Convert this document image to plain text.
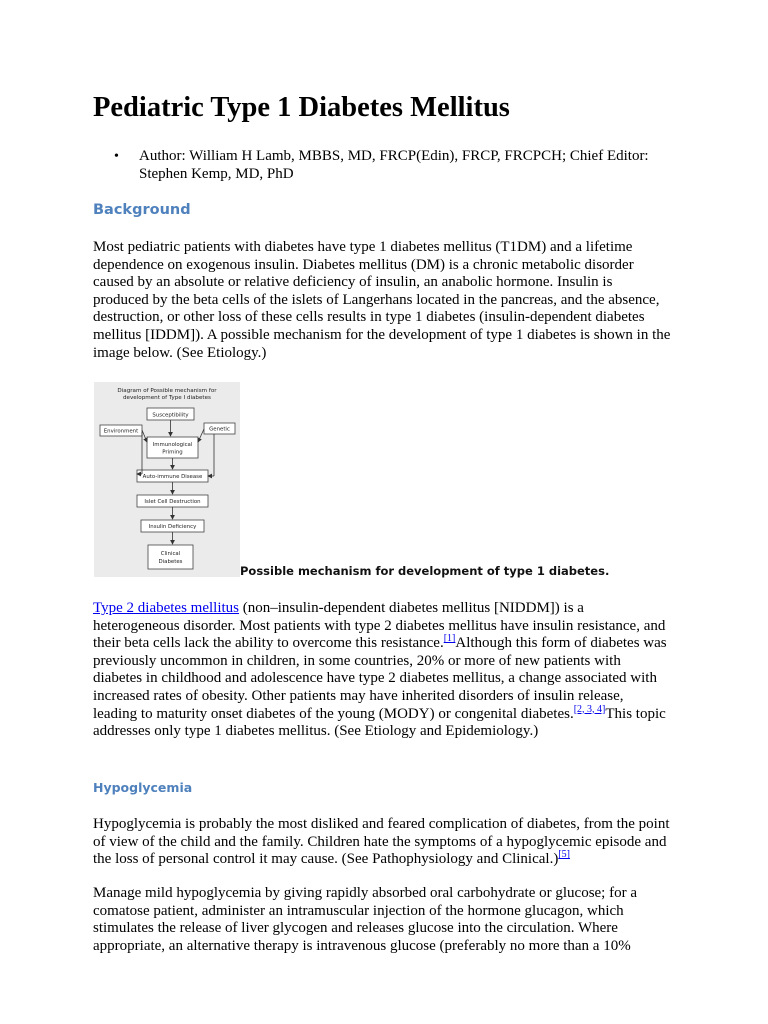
Pediatric Type 1 Diabetes Mellitus
• Author: William H Lamb, MBBS, MD, FRCP(Edin), FRCP, FRCPCH; Chief Editor: Stephen Kemp, MD, PhD

Background

Most pediatric patients with diabetes have type 1 diabetes mellitus (T1DM) and a lifetime dependence on exogenous insulin. Diabetes mellitus (DM) is a chronic metabolic disorder caused by an absolute or relative deficiency of insulin, an anabolic hormone. Insulin is produced by the beta cells of the islets of Langerhans located in the pancreas, and the absence, destruction, or other loss of these cells results in type 1 diabetes (insulin-dependent diabetes mellitus [IDDM]). A possible mechanism for the development of type 1 diabetes is shown in the image below. (See Etiology.)

Diagram of Possible mechanism for
development of Type I diabetes
Susceptibility
Environment	Genetic
Immunological
Priming
Auto-immune Disease
Islet Cell Destruction
Insulin Deficiency
Clinical
Diabetes
Possible mechanism for development of type 1 diabetes.

Type 2 diabetes mellitus (non–insulin-dependent diabetes mellitus [NIDDM]) is a heterogeneous disorder. Most patients with type 2 diabetes mellitus have insulin resistance, and their beta cells lack the ability to overcome this resistance.[1]Although this form of diabetes was previously uncommon in children, in some countries, 20% or more of new patients with diabetes in childhood and adolescence have type 2 diabetes mellitus, a change associated with increased rates of obesity. Other patients may have inherited disorders of insulin release, leading to maturity onset diabetes of the young (MODY) or congenital diabetes.[2, 3, 4]This topic addresses only type 1 diabetes mellitus. (See Etiology and Epidemiology.)

Hypoglycemia

Hypoglycemia is probably the most disliked and feared complication of diabetes, from the point of view of the child and the family. Children hate the symptoms of a hypoglycemic episode and the loss of personal control it may cause. (See Pathophysiology and Clinical.)[5]

Manage mild hypoglycemia by giving rapidly absorbed oral carbohydrate or glucose; for a comatose patient, administer an intramuscular injection of the hormone glucagon, which stimulates the release of liver glycogen and releases glucose into the circulation. Where appropriate, an alternative therapy is intravenous glucose (preferably no more than a 10%
